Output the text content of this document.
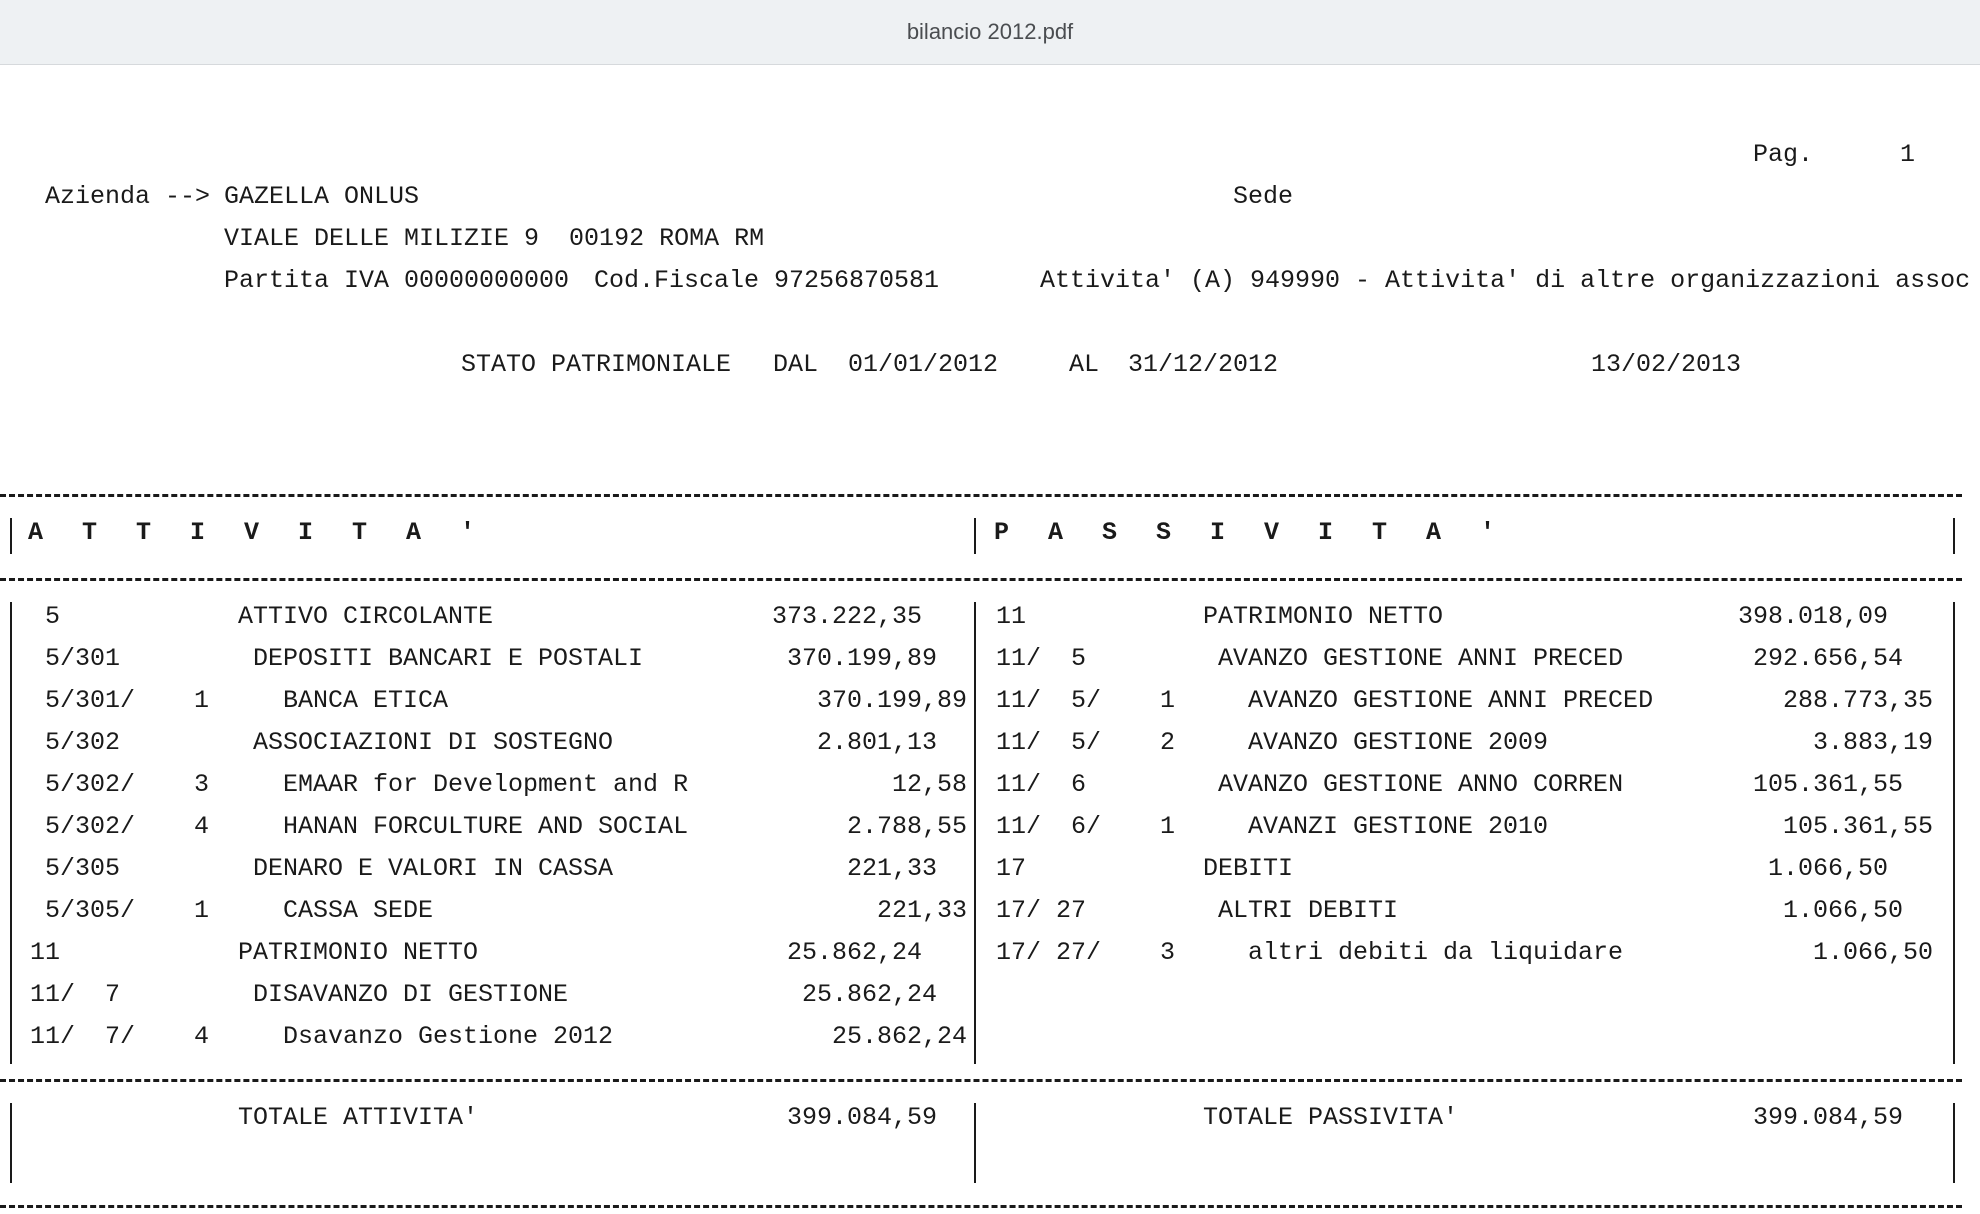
bilancio 2012.pdf
Pag.	1
Azienda --> GAZELLA ONLUS	Sede
VIALE DELLE MILIZIE 9  00192 ROMA RM
Partita IVA 00000000000 Cod.Fiscale 97256870581	Attivita' (A) 949990 - Attivita' di altre organizzazioni assoc
STATO PATRIMONIALE DAL 01/01/2012	AL 31/12/2012	13/02/2013
A T T I V I T A '	P A S S I V I T A '
5	ATTIVO CIRCOLANTE	373.222,35
5/301	DEPOSITI BANCARI E POSTALI	370.199,89
5/301/ 1	BANCA ETICA	370.199,89
5/302	ASSOCIAZIONI DI SOSTEGNO	2.801,13
5/302/ 3	EMAAR for Development and R	12,58
5/302/ 4	HANAN FORCULTURE AND SOCIAL	2.788,55
5/305	DENARO E VALORI IN CASSA	221,33
5/305/ 1	CASSA SEDE	221,33
11	PATRIMONIO NETTO	25.862,24
11/  7	DISAVANZO DI GESTIONE	25.862,24
11/  7/ 4	Dsavanzo Gestione 2012	25.862,24
11	PATRIMONIO NETTO	398.018,09
11/  5	AVANZO GESTIONE ANNI PRECED	292.656,54
11/  5/ 1	AVANZO GESTIONE ANNI PRECED	288.773,35
11/  5/ 2	AVANZO GESTIONE 2009	3.883,19
11/  6	AVANZO GESTIONE ANNO CORREN	105.361,55
11/  6/ 1	AVANZI GESTIONE 2010	105.361,55
17	DEBITI	1.066,50
17/ 27	ALTRI DEBITI	1.066,50
17/ 27/ 3	altri debiti da liquidare	1.066,50
TOTALE ATTIVITA'	399.084,59	TOTALE PASSIVITA'	399.084,59
